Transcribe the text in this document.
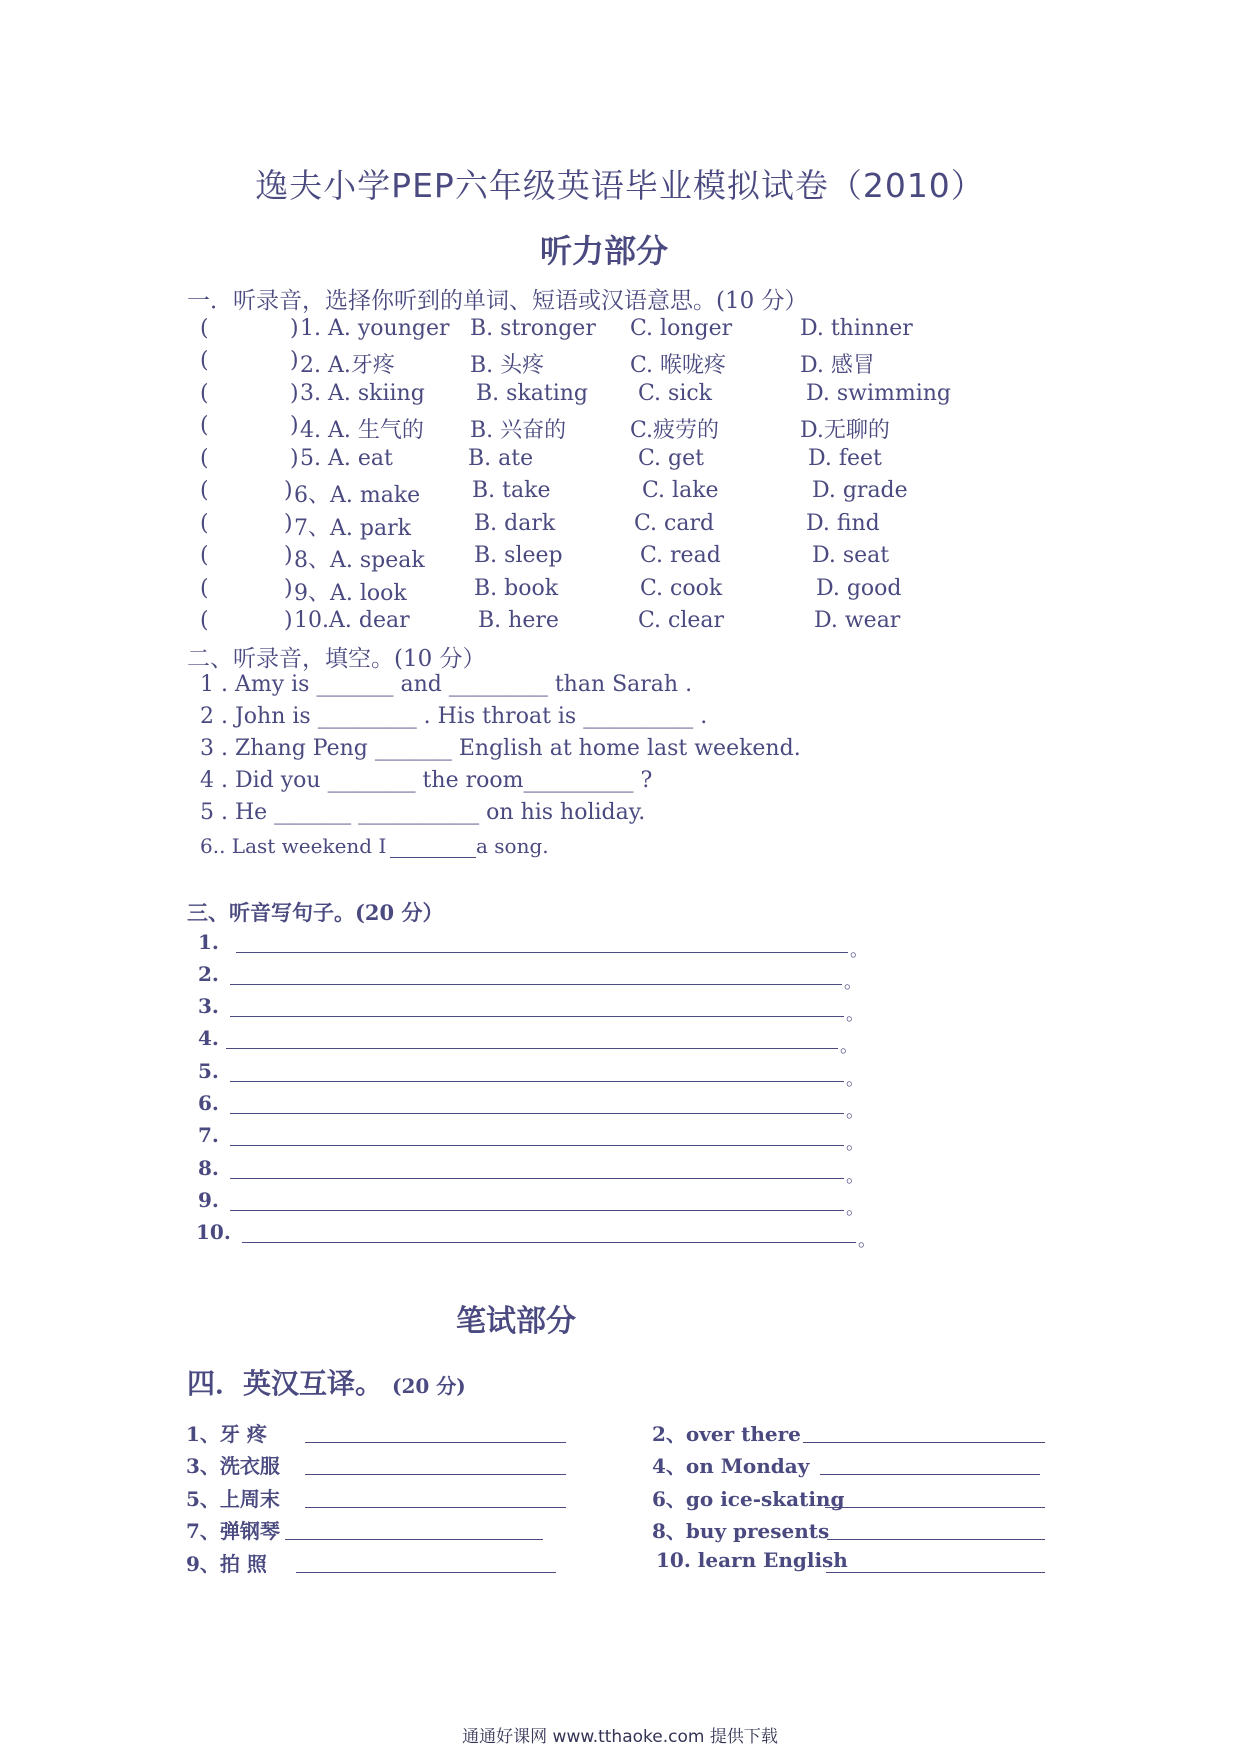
逸夫小学PEP六年级英语毕业模拟试卷（2010）
听力部分
一．听录音，选择你听到的单词、短语或汉语意思。(10 分）
(	) 1. A. younger B. stronger C. longer	D. thinner
(	) 2. A.牙疼	B. 头疼	C. 喉咙疼	D. 感冒
(	) 3. A. skiing B. skating C. sick	D. swimming
(	) 4. A. 生气的 B. 兴奋的	C.疲劳的	D.无聊的
(	) 5. A. eat	B. ate	C. get	D. feet
(	) 6、A. make B. take	C. lake	D. grade
(	) 7、A. park	B. dark	C. card	D. find
(	) 8、A. speak B. sleep	C. read	D. seat
(	) 9、A. look	B. book	C. cook	D. good
(	) 10.A. dear	B. here	C. clear	D. wear
二、听录音，填空。(10 分）
1 . Amy is _______ and _________ than Sarah .
2 . John is _________ . His throat is __________ .
3 . Zhang Peng _______ English at home last weekend.
4 . Did you ________ the room__________ ?
5 . He _______ ___________ on his holiday.
6.. Last weekend I	a song.
三、听音写句子。(20 分）
1.	。
2.	。
3.	。
4.	。
5.	。
6.	。
7.	。
8.	。
9.	。
10.	。
笔试部分
四．英汉互译。 (20 分)
1、牙 疼	2、over there
3、洗衣服	4、on Monday
5、上周末	6、go ice-skating
7、弹钢琴	8、buy presents
9、拍 照	10. learn English
通通好课网 www.tthaoke.com 提供下载
